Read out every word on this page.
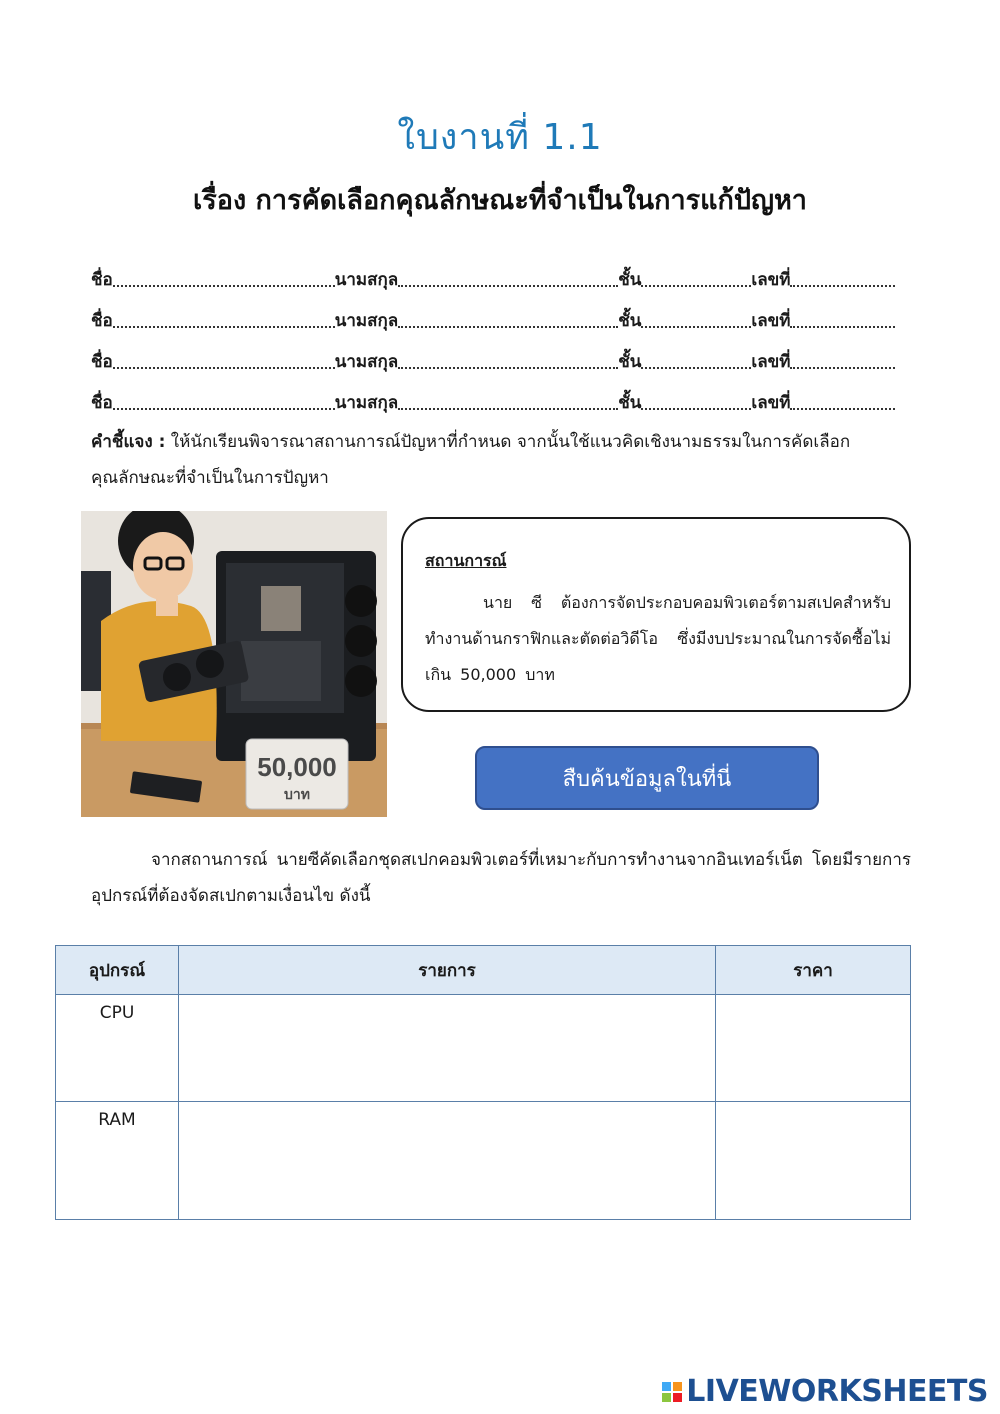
ใบงานที่ 1.1
เรื่อง การคัดเลือกคุณลักษณะที่จำเป็นในการแก้ปัญหา
ชื่อ	นามสกุล	ชั้น	เลขที่
ชื่อ	นามสกุล	ชั้น	เลขที่
ชื่อ	นามสกุล	ชั้น	เลขที่
ชื่อ	นามสกุล	ชั้น	เลขที่
คำชี้แจง : ให้นักเรียนพิจารณาสถานการณ์ปัญหาที่กำหนด จากนั้นใช้แนวคิดเชิงนามธรรมในการคัดเลือกคุณลักษณะที่จำเป็นในการปัญหา
50,000
บาท
สถานการณ์
นาย ซี ต้องการจัดประกอบคอมพิวเตอร์ตามสเปคสำหรับทำงานด้านกราฟิกและตัดต่อวิดีโอ ซึ่งมีงบประมาณในการจัดซื้อไม่เกิน 50,000 บาท
สืบค้นข้อมูลในที่นี่
จากสถานการณ์ นายซีคัดเลือกชุดสเปกคอมพิวเตอร์ที่เหมาะกับการทำงานจากอินเทอร์เน็ต โดยมีรายการอุปกรณ์ที่ต้องจัดสเปกตามเงื่อนไข ดังนี้
อุปกรณ์	รายการ	ราคา
CPU		
RAM		
LIVEWORKSHEETS
